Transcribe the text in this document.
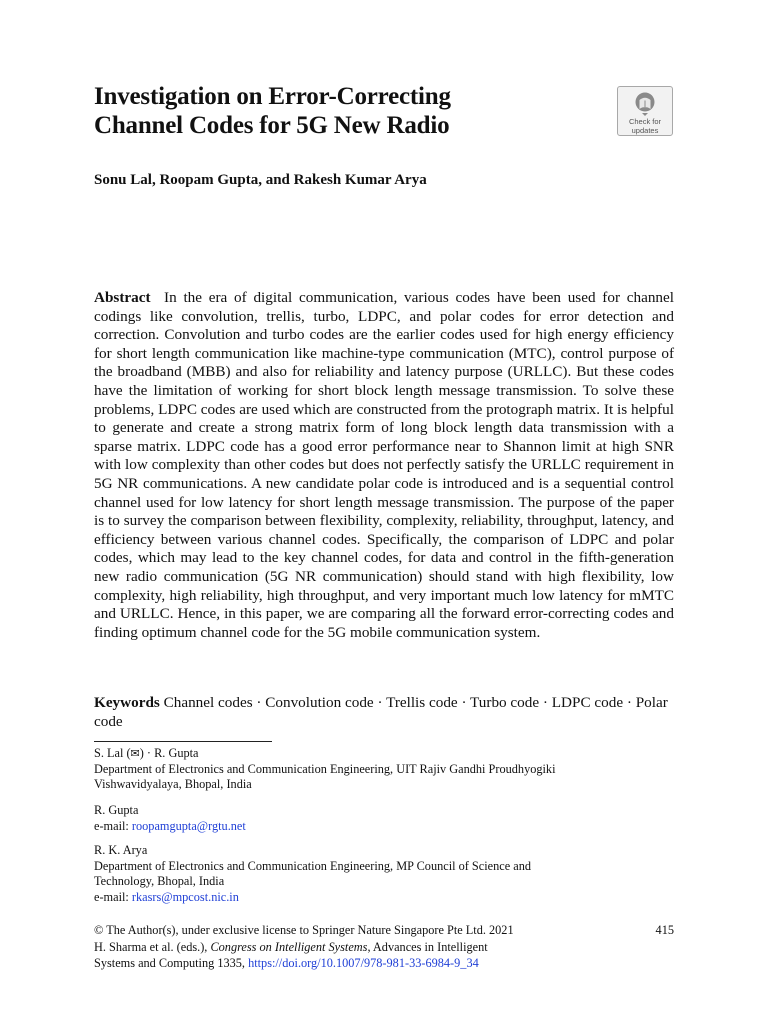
Investigation on Error-Correcting
Channel Codes for 5G New Radio	Check for
updates
Sonu Lal, Roopam Gupta, and Rakesh Kumar Arya

Abstract In the era of digital communication, various codes have been used for channel codings like convolution, trellis, turbo, LDPC, and polar codes for error detection and correction. Convolution and turbo codes are the earlier codes used for high energy efficiency for short length communication like machine-type communication (MTC), control purpose of the broadband (MBB) and also for reliability and latency purpose (URLLC). But these codes have the limitation of working for short block length message transmission. To solve these problems, LDPC codes are used which are constructed from the protograph matrix. It is helpful to generate and create a strong matrix form of long block length data transmission with a sparse matrix. LDPC code has a good error performance near to Shannon limit at high SNR with low complexity than other codes but does not perfectly satisfy the URLLC requirement in 5G NR communications. A new candidate polar code is introduced and is a sequential control channel used for low latency for short length message transmission. The purpose of the paper is to survey the comparison between flexibility, complexity, reliability, throughput, latency, and efficiency between various channel codes. Specifically, the comparison of LDPC and polar codes, which may lead to the key channel codes, for data and control in the fifth-generation new radio communication (5G NR communication) should stand with high flexibility, low complexity, high reliability, high throughput, and very important much low latency for mMTC and URLLC. Hence, in this paper, we are comparing all the forward error-correcting codes and finding optimum channel code for the 5G mobile communication system.

Keywords Channel codes · Convolution code · Trellis code · Turbo code · LDPC code · Polar code

S. Lal (✉) · R. Gupta
Department of Electronics and Communication Engineering, UIT Rajiv Gandhi Proudhyogiki
Vishwavidyalaya, Bhopal, India

R. Gupta
e-mail: roopamgupta@rgtu.net

R. K. Arya
Department of Electronics and Communication Engineering, MP Council of Science and
Technology, Bhopal, India
e-mail: rkasrs@mpcost.nic.in

415
© The Author(s), under exclusive license to Springer Nature Singapore Pte Ltd. 2021
H. Sharma et al. (eds.), Congress on Intelligent Systems, Advances in Intelligent
Systems and Computing 1335, https://doi.org/10.1007/978-981-33-6984-9_34
